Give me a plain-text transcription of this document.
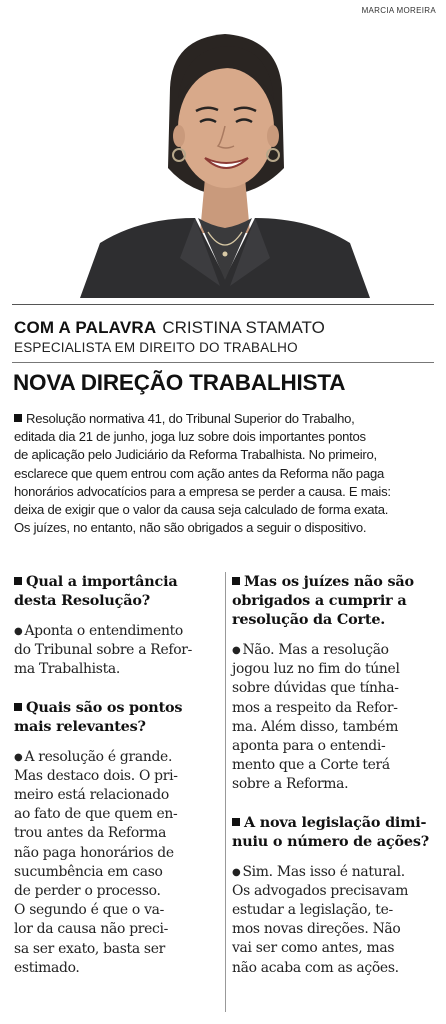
MARCIA MOREIRA
COM A PALAVRA CRISTINA STAMATO
ESPECIALISTA EM DIREITO DO TRABALHO
NOVA DIREÇÃO TRABALHISTA
Resolução normativa 41, do Tribunal Superior do Trabalho,
editada dia 21 de junho, joga luz sobre dois importantes pontos
de aplicação pelo Judiciário da Reforma Trabalhista. No primeiro,
esclarece que quem entrou com ação antes da Reforma não paga
honorários advocatícios para a empresa se perder a causa. E mais:
deixa de exigir que o valor da causa seja calculado de forma exata.
Os juízes, no entanto, não são obrigados a seguir o dispositivo.
Qual a importância
desta Resolução?
● Aponta o entendimento
do Tribunal sobre a Refor-
ma Trabalhista.
Quais são os pontos
mais relevantes?
● A resolução é grande.
Mas destaco dois. O pri-
meiro está relacionado
ao fato de que quem en-
trou antes da Reforma
não paga honorários de
sucumbência em caso
de perder o processo.
O segundo é que o va-
lor da causa não preci-
sa ser exato, basta ser
estimado.
Mas os juízes não são
obrigados a cumprir a
resolução da Corte.
● Não. Mas a resolução
jogou luz no fim do túnel
sobre dúvidas que tínha-
mos a respeito da Refor-
ma. Além disso, também
aponta para o entendi-
mento que a Corte terá
sobre a Reforma.
A nova legislação dimi-
nuiu o número de ações?
● Sim. Mas isso é natural.
Os advogados precisavam
estudar a legislação, te-
mos novas direções. Não
vai ser como antes, mas
não acaba com as ações.
